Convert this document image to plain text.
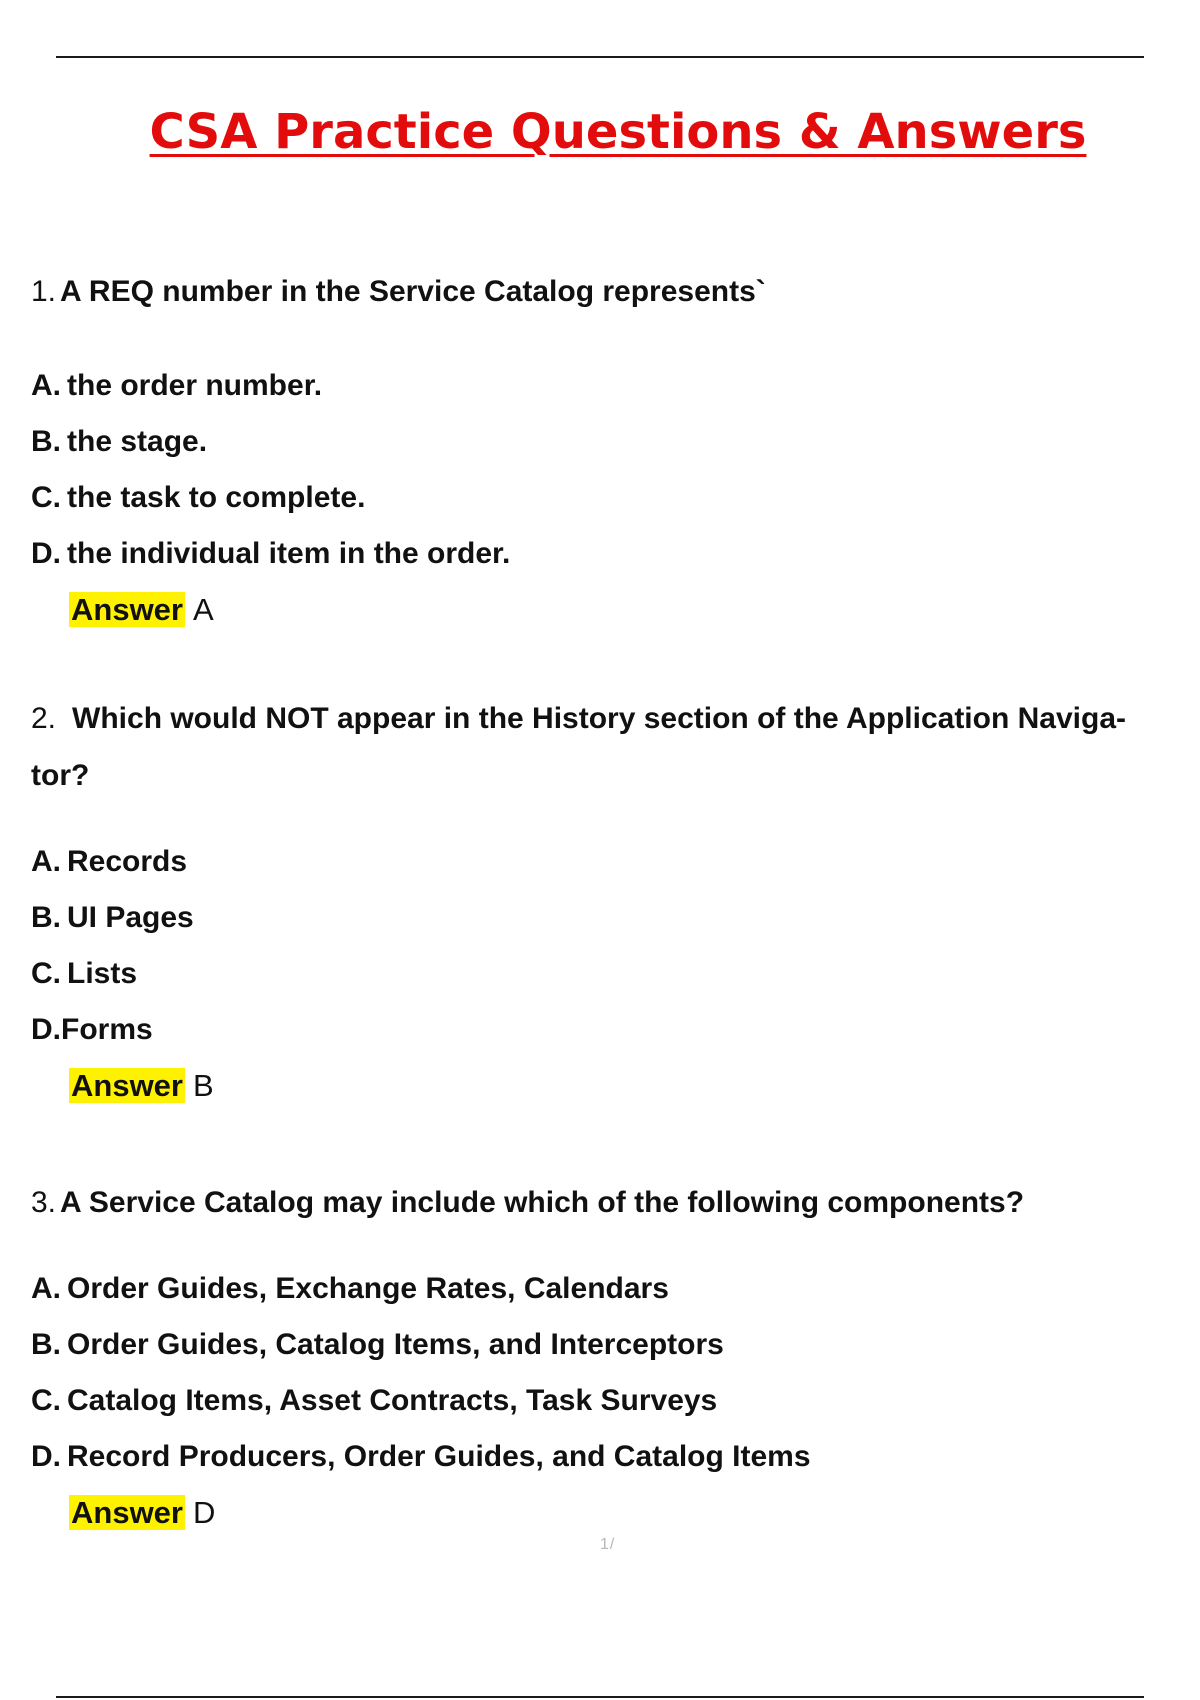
CSA Practice Questions & Answers

1. A REQ number in the Service Catalog represents`

A. the order number.
B. the stage.
C. the task to complete.
D. the individual item in the order.
Answer A

2. Which would NOT appear in the History section of the Application Naviga- tor?

A. Records
B. UI Pages
C. Lists
D.Forms
Answer B

3. A Service Catalog may include which of the following components?

A. Order Guides, Exchange Rates, Calendars
B. Order Guides, Catalog Items, and Interceptors
C. Catalog Items, Asset Contracts, Task Surveys
D. Record Producers, Order Guides, and Catalog Items
Answer D
1/
